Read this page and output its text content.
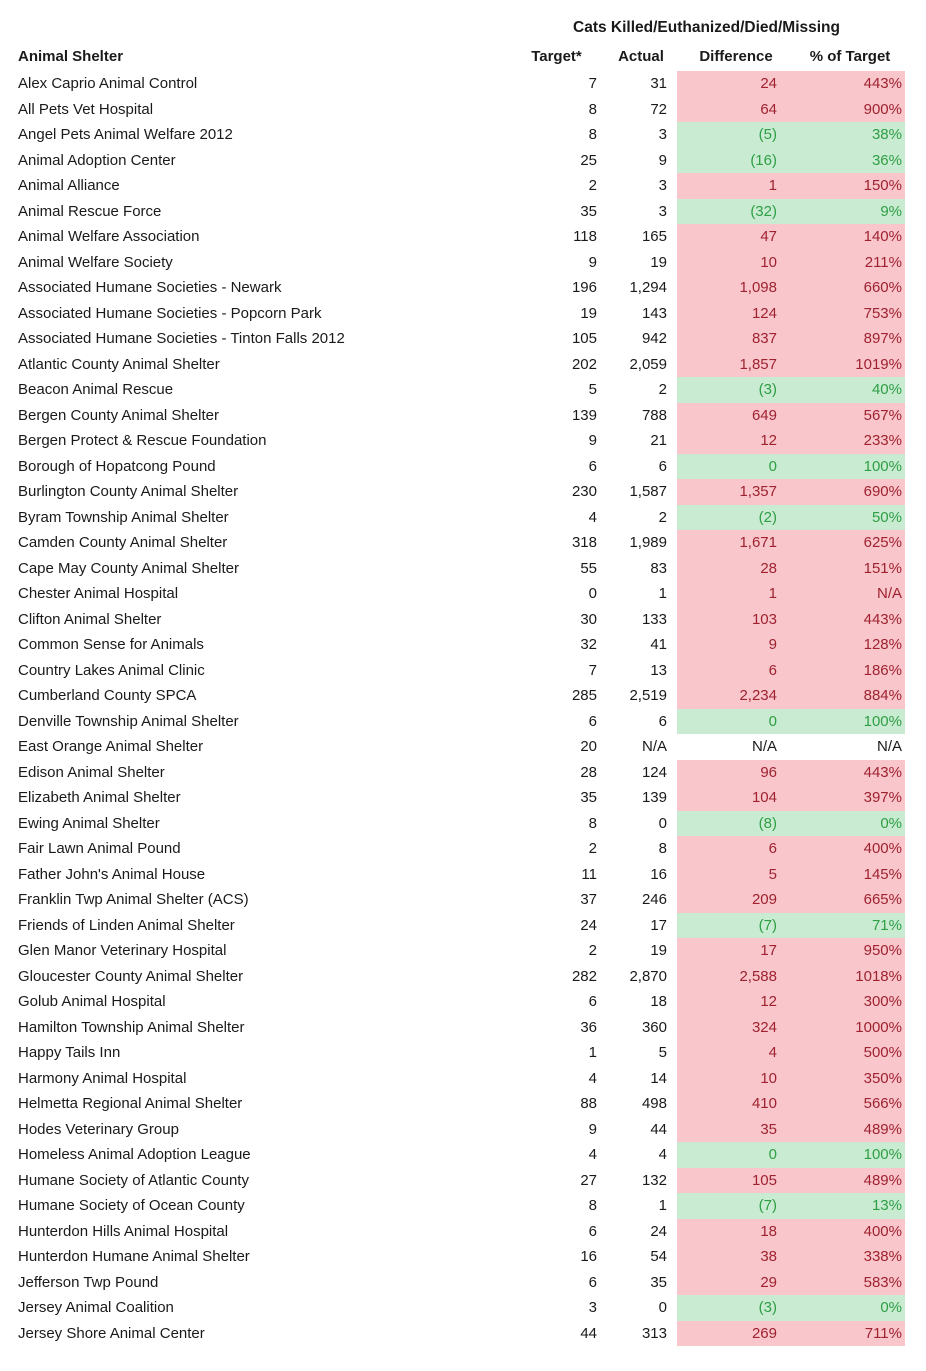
Cats Killed/Euthanized/Died/Missing
Animal Shelter	Target*	Actual	Difference	% of Target
Alex Caprio Animal Control	7	31	24	443%
All Pets Vet Hospital	8	72	64	900%
Angel Pets Animal Welfare 2012	8	3	(5)	38%
Animal Adoption Center	25	9	(16)	36%
Animal Alliance	2	3	1	150%
Animal Rescue Force	35	3	(32)	9%
Animal Welfare Association	118	165	47	140%
Animal Welfare Society	9	19	10	211%
Associated Humane Societies - Newark	196	1,294	1,098	660%
Associated Humane Societies - Popcorn Park	19	143	124	753%
Associated Humane Societies - Tinton Falls 2012	105	942	837	897%
Atlantic County Animal Shelter	202	2,059	1,857	1019%
Beacon Animal Rescue	5	2	(3)	40%
Bergen County Animal Shelter	139	788	649	567%
Bergen Protect & Rescue Foundation	9	21	12	233%
Borough of Hopatcong Pound	6	6	0	100%
Burlington County Animal Shelter	230	1,587	1,357	690%
Byram Township Animal Shelter	4	2	(2)	50%
Camden County Animal Shelter	318	1,989	1,671	625%
Cape May County Animal Shelter	55	83	28	151%
Chester Animal Hospital	0	1	1	N/A
Clifton Animal Shelter	30	133	103	443%
Common Sense for Animals	32	41	9	128%
Country Lakes Animal Clinic	7	13	6	186%
Cumberland County SPCA	285	2,519	2,234	884%
Denville Township Animal Shelter	6	6	0	100%
East Orange Animal Shelter	20	N/A	N/A	N/A
Edison Animal Shelter	28	124	96	443%
Elizabeth Animal Shelter	35	139	104	397%
Ewing Animal Shelter	8	0	(8)	0%
Fair Lawn Animal Pound	2	8	6	400%
Father John's Animal House	11	16	5	145%
Franklin Twp Animal Shelter (ACS)	37	246	209	665%
Friends of Linden Animal Shelter	24	17	(7)	71%
Glen Manor Veterinary Hospital	2	19	17	950%
Gloucester County Animal Shelter	282	2,870	2,588	1018%
Golub Animal Hospital	6	18	12	300%
Hamilton Township Animal Shelter	36	360	324	1000%
Happy Tails Inn	1	5	4	500%
Harmony Animal Hospital	4	14	10	350%
Helmetta Regional Animal Shelter	88	498	410	566%
Hodes Veterinary Group	9	44	35	489%
Homeless Animal Adoption League	4	4	0	100%
Humane Society of Atlantic County	27	132	105	489%
Humane Society of Ocean County	8	1	(7)	13%
Hunterdon Hills Animal Hospital	6	24	18	400%
Hunterdon Humane Animal Shelter	16	54	38	338%
Jefferson Twp Pound	6	35	29	583%
Jersey Animal Coalition	3	0	(3)	0%
Jersey Shore Animal Center	44	313	269	711%
